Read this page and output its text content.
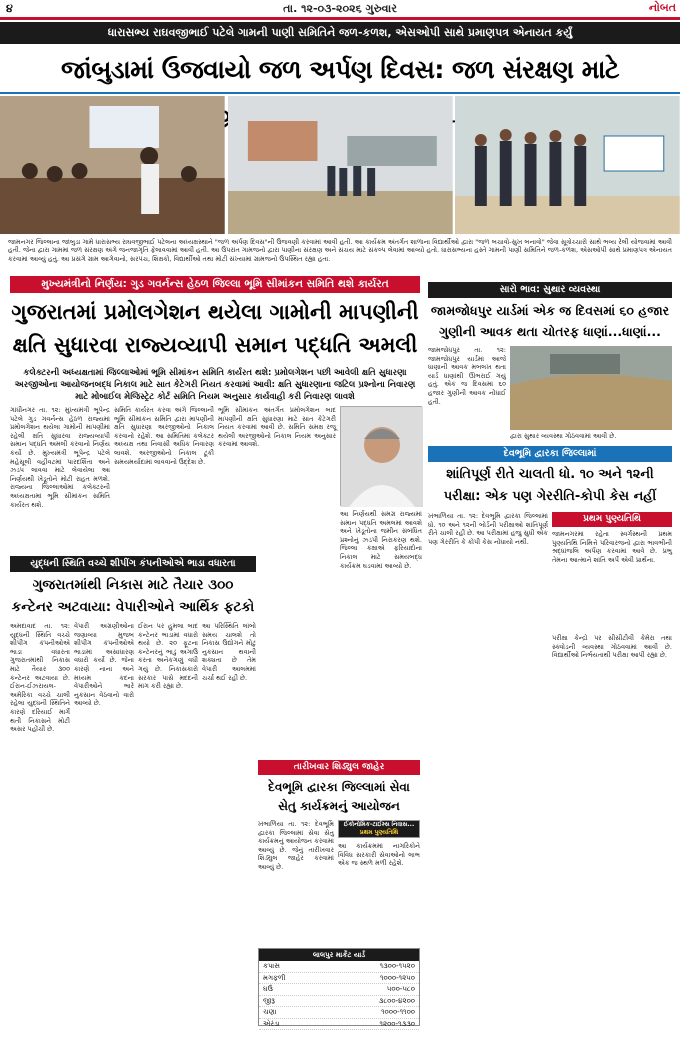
૪	તા. ૧૨-૦૩-૨૦૨૬ ગુરુવાર	નોબત
ધારાસભ્ય રાઘવજીભાઈ પટેલે ગામની પાણી સમિતિને જળ-કળશ, એસઓપી સાથે પ્રમાણપત્ર એનાયત કર્યું
જાંબુડામાં ઉજવાયો જળ અર્પણ દિવસ: જળ સંરક્ષણ માટે
જામનગર જિલ્લાના જાંબુડા ગામે ધારાસભ્ય રાઘવજીભાઈ પટેલના અધ્યક્ષસ્થાને "જળ અર્પણ દિવસ"ની ઉજવણી કરવામાં આવી હતી. આ કાર્યક્રમ અંતર્ગત શાળાના વિદ્યાર્થીઓ દ્વારા "જળ બચાવો-સુખ બનાવો" જેવા સૂત્રોચ્ચારો સાથે ભવ્ય રેલી યોજવામાં આવી હતી. જેના દ્વારા ગામમાં જળ સંરક્ષણ અંગે જનજાગૃતિ ફેલાવવામાં આવી હતી. આ ઉપરાંત ગામજનો દ્વારા પાણીના સંરક્ષણ અને સંચય માટે સંકલ્પ લેવામાં આવ્યો હતો. ધારાસભ્યના હસ્તે ગામની પાણી સમિતિને જળ-કળશ, એસઓપી સાથે પ્રમાણપત્ર એનાયત કરવામાં આવ્યું હતું. આ પ્રસંગે ગ્રામ આગેવાનો, સરપંચ, શિક્ષકો, વિદ્યાર્થીઓ તથા મોટી સંખ્યામાં ગ્રામજનો ઉપસ્થિત રહ્યા હતા.
મુખ્યમંત્રીનો નિર્ણય: ગુડ ગવર્નન્સ હેઠળ જિલ્લા ભૂમિ સીમાંકન સમિતિ થશે કાર્યરત
ગુજરાતમાં પ્રમોલગેશન થયેલા ગામોની માપણીની ક્ષતિ સુધારવા રાજ્યવ્યાપી સમાન પદ્ધતિ અમલી
કલેક્ટરની અધ્યક્ષતામાં જિલ્લાઓમાં ભૂમિ સીમાંકન સમિતિ કાર્યરત થશે: પ્રમોલગેશન પછી આવેલી ક્ષતિ સુધારણા અરજીઓના આયોજનબદ્ધ નિકાલ માટે સાત કેટેગરી નિયત કરવામાં આવી: ક્ષતિ સુધારણાના જટિલ પ્રશ્નોના નિવારણ માટે મોબાઈલ મેજિસ્ટ્રેટ કોર્ટ સમિતિ નિયમ અનુસાર કાર્યવાહી કરી નિવારણ લાવશે
ગાંધીનગર તા. ૧૨: મુખ્યમંત્રી ભૂપેન્દ્ર પટેલે ગુડ ગવર્નન્સ હેઠળ રાજ્યમાં પ્રમોલગેશન થયેલા ગામોની માપણીમાં રહેલી ક્ષતિ સુધારવા રાજ્યવ્યાપી સમાન પદ્ધતિ અમલી કરવાનો નિર્ણય કર્યો છે. મુખ્યમંત્રી ભૂપેન્દ્ર પટેલે મહેસૂલી વહીવટમાં પારદર્શિતા અને ઝડપ લાવવા માટે લેવાયેલા આ નિર્ણયથી ખેડૂતોને મોટી રાહત મળશે. રાજ્યના જિલ્લાઓમાં કલેક્ટરની અધ્યક્ષતામાં ભૂમિ સીમાંકન સમિતિ કાર્યરત થશે.
સમિતિ કાર્યરત કરવા અંગે જિલ્લાની ભૂમિ સીમાંકન સમિતિ દ્વારા માપણીની ક્ષતિ સુધારણા અરજીઓનો નિકાલ કરવાનો રહેશે. આ સમિતિમાં કલેક્ટર અધ્યક્ષ તથા નિવાસી અધિક નિવારણ લાવશે. અરજીઓનો નિકાલ ટૂંકી સમયમર્યાદામાં લાવવાનો ઉદ્દેશ છે.
ભૂમિ સીમાંકન અંતર્ગત પ્રમોલગેશન બાદ માપણીની ક્ષતિ સુધારણા માટે સાત કેટેગરી નિયત કરવામાં આવી છે. સમિતિ સમક્ષ રજૂ થયેલી અરજીઓનો નિકાલ નિયમ અનુસાર કરવામાં આવશે.
આ નિર્ણયથી સમગ્ર રાજ્યમાં સમાન પદ્ધતિ અમલમાં આવશે અને ખેડૂતોના જમીન સંબંધિત પ્રશ્નોનું ઝડપી નિરાકરણ થશે. જિલ્લા કક્ષાએ ફરિયાદોના નિકાલ માટે સમયબદ્ધ કાર્યક્રમ ઘડવામાં આવ્યો છે.
યુદ્ધની સ્થિતિ વચ્ચે શીપીંગ કંપનીઓએ ભાડા વધારતા
ગુજરાતમાંથી નિકાસ માટે તૈયાર ૩૦૦ કન્ટેનર અટવાયા: વેપારીઓને આર્થિક ફટકો
અમદાવાદ તા. ૧૨: યુદ્ધની સ્થિતિ વચ્ચે શીપીંગ કંપનીઓએ ભાડા વધારતા ગુજરાતમાંથી નિકાસ માટે તૈયાર ૩૦૦ કન્ટેનર અટવાયા છે. ઈરાન-ઈઝરાયલ-અમેરિકા વચ્ચે ચાલી રહેલા યુદ્ધની સ્થિતિને કારણે દરિયાઈ માર્ગે થતી નિકાસને મોટી અસર પહોંચી છે.
વેપારી અગ્રણીઓના જણાવ્યા મુજબ શીપીંગ કંપનીઓએ ભાડામાં અસાધારણ વધારો કર્યો છે. જેના કારણે નાના અને મધ્યમ કદના વેપારીઓને ભારે નુકસાન વેઠવાનો વારો આવ્યો છે.
ઈરાન પર હુમલા બાદ કન્ટેનર ભાડામાં વધારો થયો છે. ૨૦ ફૂટના કન્ટેનરનું ભાડું અગાઉ કરતા અનેકગણું વધી ગયું છે. નિકાસકારો સરકાર પાસે મદદની માંગ કરી રહ્યા છે.
આ પરિસ્થિતિ લાંબો સમય ચાલશે તો નિકાસ ઉદ્યોગને મોટું નુકસાન થવાની શક્યતા છે તેમ વેપારી આલમમાં ચર્ચા થઈ રહી છે.
તારીખવાર શિડ્યુલ જાહેર
દેવભૂમિ દ્વારકા જિલ્લામાં સેવા સેતુ કાર્યક્રમનું આયોજન
ખંભાળિયા તા. ૧૨: દેવભૂમિ દ્વારકા જિલ્લામાં સેવા સેતુ કાર્યક્રમનું આયોજન કરવામાં આવ્યું છે. જેનું તારીખવાર શિડ્યુલ જાહેર કરવામાં આવ્યું છે.
ઈકોનોમિક-ટાઈમ્સ નિવાસ...
પ્રથમ પુણ્યતિથિ
આ કાર્યક્રમમાં નાગરિકોને વિવિધ સરકારી સેવાઓનો લાભ એક જ સ્થળે મળી રહેશે.
લાલપુર માર્કેટ યાર્ડ
કપાસ	૧૩૦૦-૧૫૨૦
મગફળી	૧૦૦૦-૧૨૫૦
ઘઉં	૫૦૦-૫૮૦
જીરૂ	૩૮૦૦-૪૨૦૦
ચણા	૧૦૦૦-૧૧૦૦
એરંડા	૧૨૦૦-૧૩૩૦
સારો ભાવ: સુથાર વ્યવસ્થા
જામજોધપુર યાર્ડમાં એક જ દિવસમાં ૬૦ હજાર ગુણીની આવક થતા ચોતરફ ધાણાં...ધાણાં...
જામજોધપુર તા. ૧૨: જામજોધપુર યાર્ડમાં આજે ધાણાની આવક મબલખ થતા યાર્ડ ધાણાંથી ઊભરાઈ ગયું હતું. એક જ દિવસમાં ૬૦ હજાર ગુણીની આવક નોંધાઈ હતી.
દ્વારા સુથાર વ્યવસ્થા ગોઠવવામાં આવી છે.
દેવભૂમિ દ્વારકા જિલ્લામાં
શાંતિપૂર્ણ રીતે ચાલતી ધો. ૧૦ અને ૧૨ની પરીક્ષા: એક પણ ગેરરીતિ-કોપી કેસ નહીં
ખંભાળિયા તા. ૧૨: દેવભૂમિ દ્વારકા જિલ્લામાં ધો. ૧૦ અને ૧૨ની બોર્ડની પરીક્ષાઓ શાંતિપૂર્ણ રીતે ચાલી રહી છે. આ પરીક્ષામાં હજુ સુધી એક પણ ગેરરીતિ કે કોપી કેસ નોંધાયો નથી.
પ્રથમ પુણ્યતિથિ
જામનગરમાં રહેતા સ્વર્ગસ્થની પ્રથમ પુણ્યતિથિ નિમિત્તે પરિવારજનો દ્વારા ભાવભીની શ્રદ્ધાંજલિ અર્પણ કરવામાં આવે છે. પ્રભુ તેમના આત્માને શાંતિ અર્પે એવી પ્રાર્થના.
પરીક્ષા કેન્દ્રો પર સીસીટીવી કેમેરા તથા સ્ક્વોડની વ્યવસ્થા ગોઠવવામાં આવી છે. વિદ્યાર્થીઓ નિર્ભયતાથી પરીક્ષા આપી રહ્યા છે.
